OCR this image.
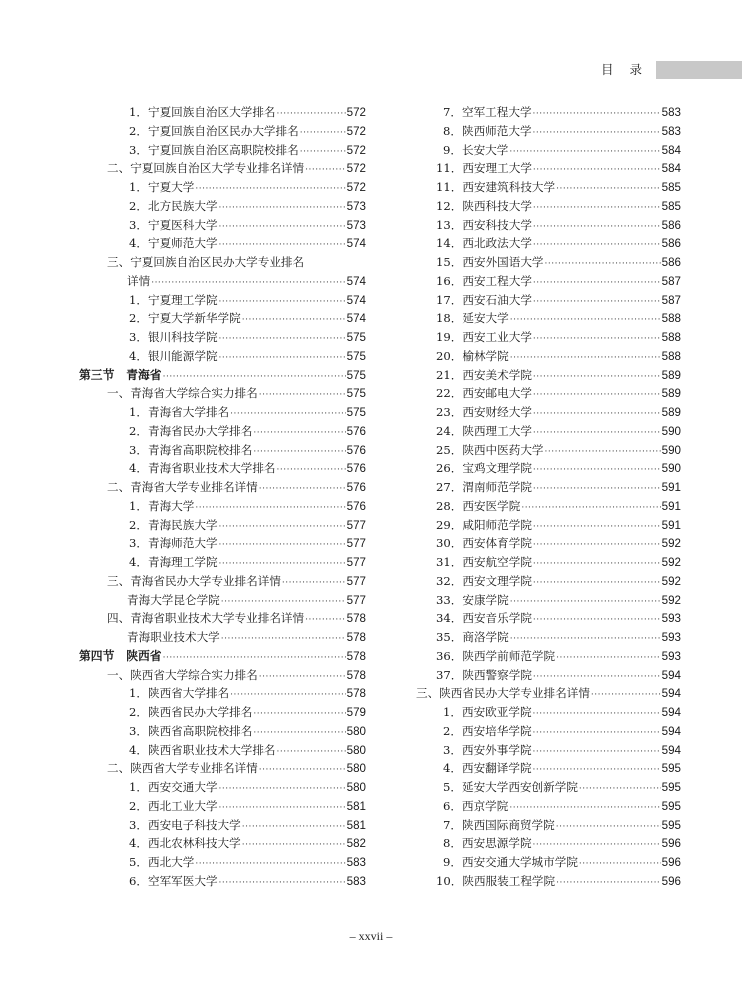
目 录
1．宁夏回族自治区大学排名 ·····	572
2．宁夏回族自治区民办大学排名 ·····	572
3．宁夏回族自治区高职院校排名 ·····	572
二、宁夏回族自治区大学专业排名详情 ·····	572
1．宁夏大学 ·····	572
2．北方民族大学 ·····	573
3．宁夏医科大学 ·····	573
4．宁夏师范大学 ·····	574
三、宁夏回族自治区民办大学专业排名
详情 ·····	574
1．宁夏理工学院 ·····	574
2．宁夏大学新华学院 ·····	574
3．银川科技学院 ·····	575
4．银川能源学院 ·····	575
第三节　青海省 ·····	575
一、青海省大学综合实力排名 ·····	575
1．青海省大学排名 ·····	575
2．青海省民办大学排名 ·····	576
3．青海省高职院校排名 ·····	576
4．青海省职业技术大学排名 ·····	576
二、青海省大学专业排名详情 ·····	576
1．青海大学 ·····	576
2．青海民族大学 ·····	577
3．青海师范大学 ·····	577
4．青海理工学院 ·····	577
三、青海省民办大学专业排名详情 ·····	577
青海大学昆仑学院 ·····	577
四、青海省职业技术大学专业排名详情 ·····	578
青海职业技术大学 ·····	578
第四节　陕西省 ·····	578
一、陕西省大学综合实力排名 ·····	578
1．陕西省大学排名 ·····	578
2．陕西省民办大学排名 ·····	579
3．陕西省高职院校排名 ·····	580
4．陕西省职业技术大学排名 ·····	580
二、陕西省大学专业排名详情 ·····	580
1．西安交通大学 ·····	580
2．西北工业大学 ·····	581
3．西安电子科技大学 ·····	581
4．西北农林科技大学 ·····	582
5．西北大学 ·····	583
6．空军军医大学 ·····	583
7．空军工程大学 ·····	583
8．陕西师范大学 ·····	583
9．长安大学 ·····	584
11．西安理工大学 ·····	584
11．西安建筑科技大学 ·····	585
12．陕西科技大学 ·····	585
13．西安科技大学 ·····	586
14．西北政法大学 ·····	586
15．西安外国语大学 ·····	586
16．西安工程大学 ·····	587
17．西安石油大学 ·····	587
18．延安大学 ·····	588
19．西安工业大学 ·····	588
20．榆林学院 ·····	588
21．西安美术学院 ·····	589
22．西安邮电大学 ·····	589
23．西安财经大学 ·····	589
24．陕西理工大学 ·····	590
25．陕西中医药大学 ·····	590
26．宝鸡文理学院 ·····	590
27．渭南师范学院 ·····	591
28．西安医学院 ·····	591
29．咸阳师范学院 ·····	591
30．西安体育学院 ·····	592
31．西安航空学院 ·····	592
32．西安文理学院 ·····	592
33．安康学院 ·····	592
34．西安音乐学院 ·····	593
35．商洛学院 ·····	593
36．陕西学前师范学院 ·····	593
37．陕西警察学院 ·····	594
三、陕西省民办大学专业排名详情 ·····	594
1．西安欧亚学院 ·····	594
2．西安培华学院 ·····	594
3．西安外事学院 ·····	594
4．西安翻译学院 ·····	595
5．延安大学西安创新学院 ·····	595
6．西京学院 ·····	595
7．陕西国际商贸学院 ·····	595
8．西安思源学院 ·····	596
9．西安交通大学城市学院 ·····	596
10．陕西服装工程学院 ·····	596
– xxvii –
